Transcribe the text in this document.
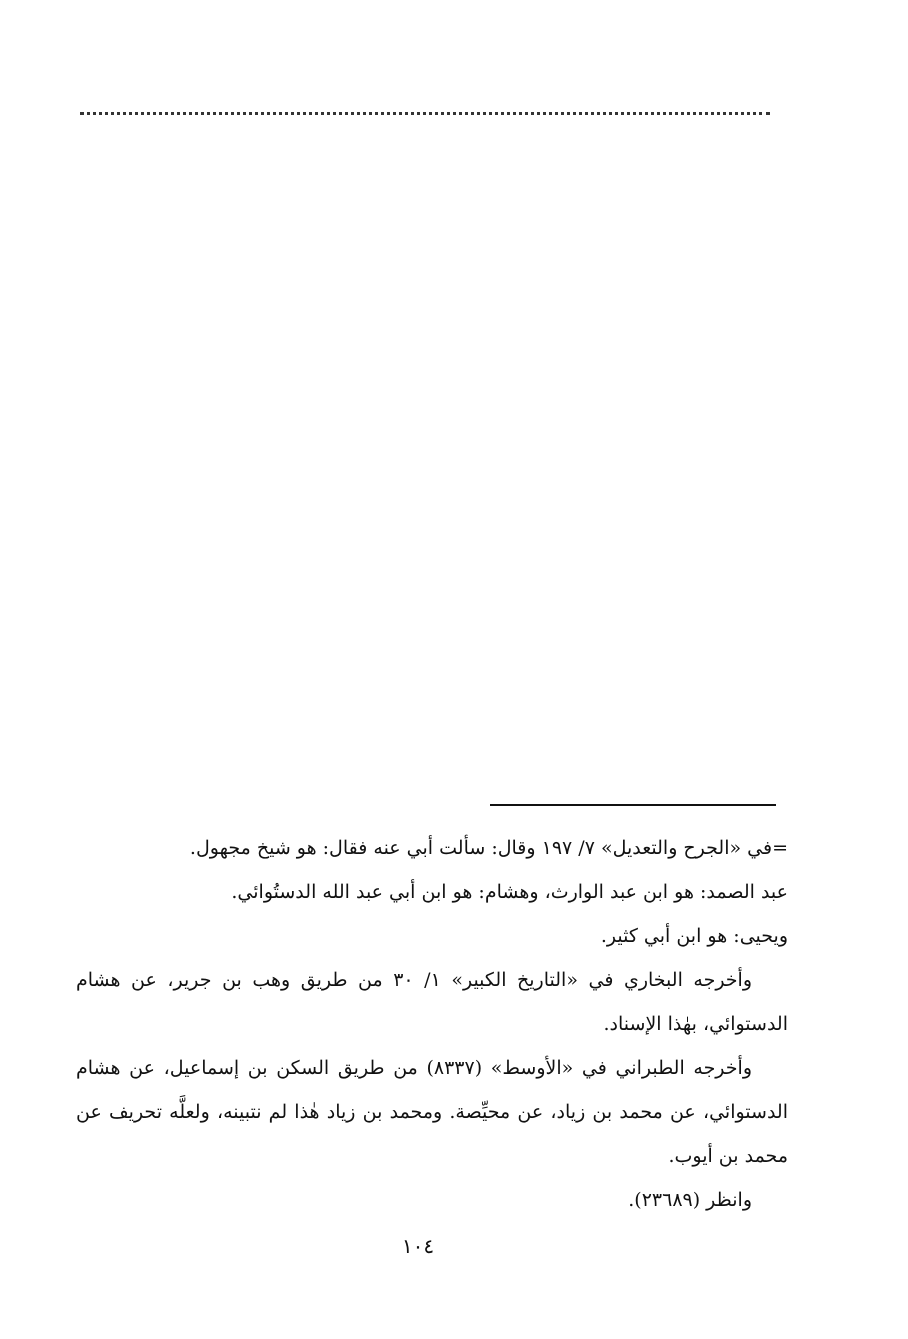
=في «الجرح والتعديل» ٧/ ١٩٧ وقال: سألت أبي عنه فقال: هو شيخ مجهول.

عبد الصمد: هو ابن عبد الوارث، وهشام: هو ابن أبي عبد الله الدستُوائي.

ويحيى: هو ابن أبي كثير.

وأخرجه البخاري في «التاريخ الكبير» ١/ ٣٠ من طريق وهب بن جرير، عن هشام الدستوائي، بهٰذا الإسناد.

وأخرجه الطبراني في «الأوسط» (٨٣٣٧) من طريق السكن بن إسماعيل، عن هشام الدستوائي، عن محمد بن زياد، عن محيِّصة. ومحمد بن زياد هٰذا لم نتبينه، ولعلَّه تحريف عن محمد بن أيوب.

وانظر (٢٣٦٨٩).

١٠٤
